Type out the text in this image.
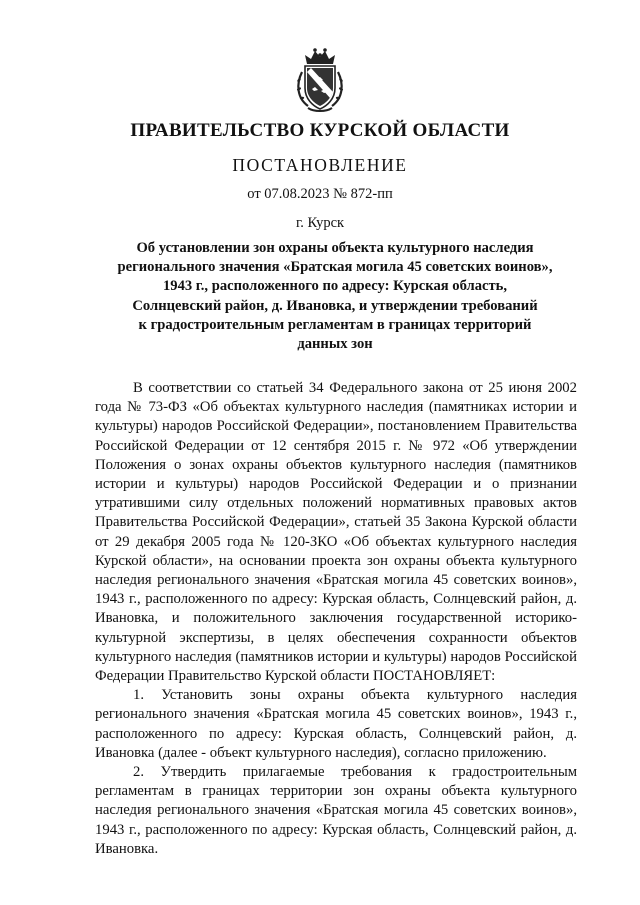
ПРАВИТЕЛЬСТВО КУРСКОЙ ОБЛАСТИ
ПОСТАНОВЛЕНИЕ
от 07.08.2023 № 872-пп
г. Курск
Об установлении зон охраны объекта культурного наследия
регионального значения «Братская могила 45 советских воинов»,
1943 г., расположенного по адресу: Курская область,
Солнцевский район, д. Ивановка, и утверждении требований
к градостроительным регламентам в границах территорий
данных зон

В соответствии со статьей 34 Федерального закона от 25 июня 2002 года № 73-ФЗ «Об объектах культурного наследия (памятниках истории и культуры) народов Российской Федерации», постановлением Правительства Российской Федерации от 12 сентября 2015 г. № 972 «Об утверждении Положения о зонах охраны объектов культурного наследия (памятников истории и культуры) народов Российской Федерации и о признании утратившими силу отдельных положений нормативных правовых актов Правительства Российской Федерации», статьей 35 Закона Курской области от 29 декабря 2005 года № 120-ЗКО «Об объектах культурного наследия Курской области», на основании проекта зон охраны объекта культурного наследия регионального значения «Братская могила 45 советских воинов», 1943 г., расположенного по адресу: Курская область, Солнцевский район, д. Ивановка, и положительного заключения государственной историко-культурной экспертизы, в целях обеспечения сохранности объектов культурного наследия (памятников истории и культуры) народов Российской Федерации Правительство Курской области ПОСТАНОВЛЯЕТ:

1. Установить зоны охраны объекта культурного наследия регионального значения «Братская могила 45 советских воинов», 1943 г., расположенного по адресу: Курская область, Солнцевский район, д. Ивановка (далее - объект культурного наследия), согласно приложению.

2. Утвердить прилагаемые требования к градостроительным регламентам в границах территории зон охраны объекта культурного наследия регионального значения «Братская могила 45 советских воинов», 1943 г., расположенного по адресу: Курская область, Солнцевский район, д. Ивановка.
